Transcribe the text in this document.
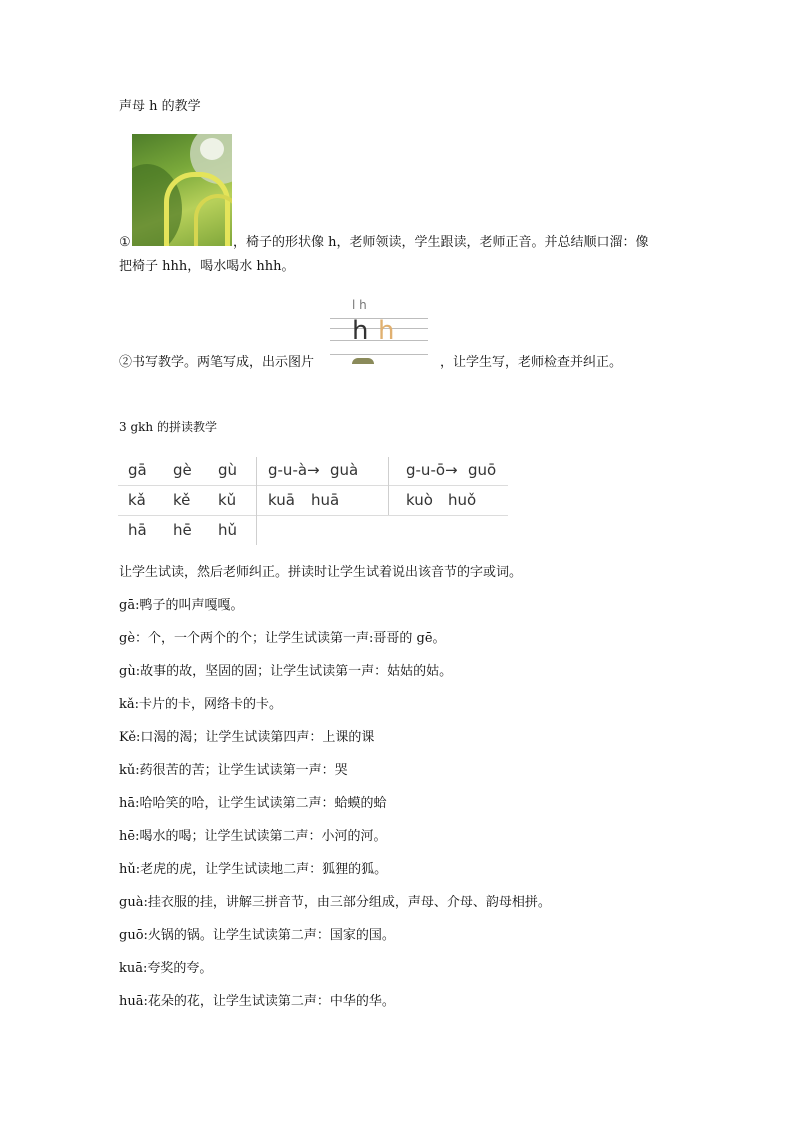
声母 h 的教学
①	，椅子的形状像 h，老师领读，学生跟读，老师正音。并总结顺口溜：像
把椅子 hhh，喝水喝水 hhh。
l h
h h
②书写教学。两笔写成，出示图片	，让学生写，老师检查并纠正。
3 gkh 的拼读教学
gā gè gù
kǎ kě kǔ
hā hē hǔ
g-u-à→ guà
kuā huā
g-u-ō→ guō
kuò huǒ
让学生试读，然后老师纠正。拼读时让学生试着说出该音节的字或词。
gā:鸭子的叫声嘎嘎。
gè：个，一个两个的个；让学生试读第一声:哥哥的 gē。
gù:故事的故，坚固的固；让学生试读第一声：姑姑的姑。
kǎ:卡片的卡，网络卡的卡。
Kě:口渴的渴；让学生试读第四声：上课的课
kǔ:药很苦的苦；让学生试读第一声：哭
hā:哈哈笑的哈，让学生试读第二声：蛤蟆的蛤
hē:喝水的喝；让学生试读第二声：小河的河。
hǔ:老虎的虎，让学生试读地二声：狐狸的狐。
guà:挂衣服的挂，讲解三拼音节，由三部分组成，声母、介母、韵母相拼。
guō:火锅的锅。让学生试读第二声：国家的国。
kuā:夸奖的夸。
huā:花朵的花，让学生试读第二声：中华的华。
